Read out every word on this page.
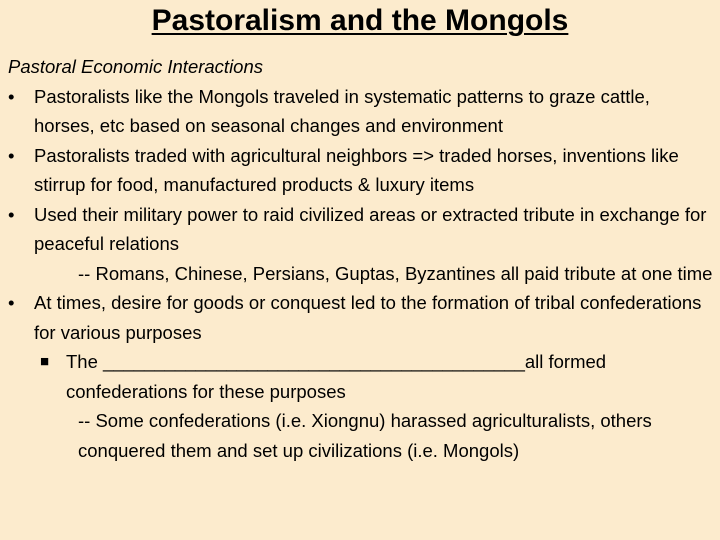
Pastoralism and the Mongols

Pastoral Economic Interactions

• Pastoralists like the Mongols traveled in systematic patterns to graze cattle, horses, etc based on seasonal changes and environment
• Pastoralists traded with agricultural neighbors => traded horses, inventions like stirrup for food, manufactured products & luxury items
• Used their military power to raid civilized areas or extracted tribute in exchange for peaceful relations
-- Romans, Chinese, Persians, Guptas, Byzantines all paid tribute at one time
• At times, desire for goods or conquest led to the formation of tribal confederations for various purposes
■ The _________________________________________all formed confederations for these purposes
-- Some confederations (i.e. Xiongnu) harassed agriculturalists, others conquered them and set up civilizations (i.e. Mongols)
